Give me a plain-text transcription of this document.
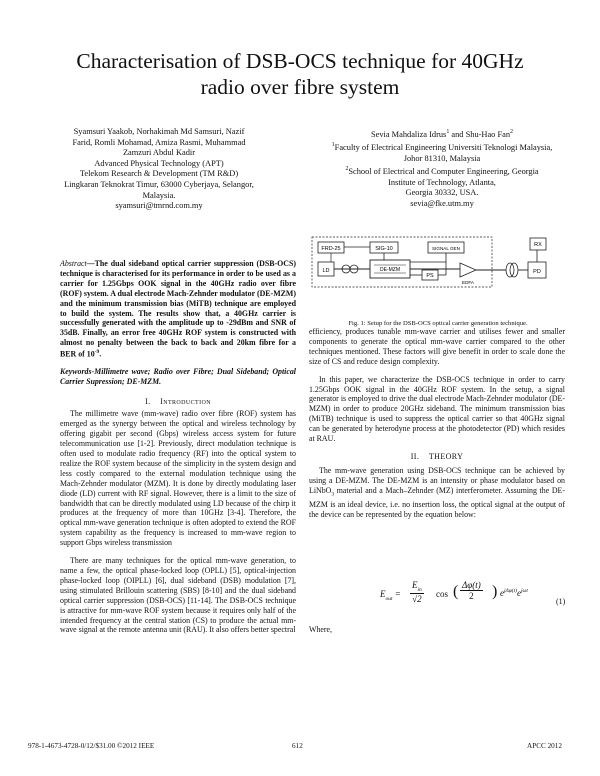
Characterisation of DSB-OCS technique for 40GHz
radio over fibre system
Syamsuri Yaakob, Norhakimah Md Samsuri, Nazif
Farid, Romli Mohamad, Amiza Rasmi, Muhammad
Zamzuri Abdul Kadir
Advanced Physical Technology (APT)
Telekom Research & Development (TM R&D)
Lingkaran Teknokrat Timur, 63000 Cyberjaya, Selangor,
Malaysia.
syamsuri@tmrnd.com.my
Sevia Mahdaliza Idrus$^1$ and Shu-Hao Fan$^2$
$^1$Faculty of Electrical Engineering Universiti Teknologi Malaysia,
Johor 81310, Malaysia
$^2$School of Electrical and Computer Engineering, Georgia
Institute of Technology, Atlanta,
Georgia 30332, USA.
sevia@fke.utm.my

Abstract—The dual sideband optical carrier suppression (DSB-OCS) technique is characterised for its performance in order to be used as a carrier for 1.25Gbps OOK signal in the 40GHz radio over fibre (ROF) system. A dual electrode Mach-Zehnder modulator (DE-MZM) and the minimum transmission bias (MiTB) technique are employed to build the system. The results show that, a 40GHz carrier is successfully generated with the amplitude up to -29dBm and SNR of 35dB. Finally, an error free 40GHz ROF system is constructed with almost no penalty between the back to back and 20km fibre for a BER of $10^{-9}$.

Keywords-Millimetre wave; Radio over Fibre; Dual Sideband; Optical Carrier Supression; DE-MZM.

I. Introduction

The millimetre wave (mm-wave) radio over fibre (ROF) system has emerged as the synergy between the optical and wireless technology by offering gigabit per second (Gbps) wireless access system for future telecommunication use [1-2]. Previously, direct modulation technique is often used to modulate radio frequency (RF) into the optical system to realize the ROF system because of the simplicity in the system design and less costly compared to the external modulation technique using the Mach-Zehnder modulator (MZM). It is done by directly modulating laser diode (LD) current with RF signal. However, there is a limit to the size of bandwidth that can be directly modulated using LD because of the chirp it produces at the frequency of more than 10GHz [3-4]. Therefore, the optical mm-wave generation technique is often adopted to extend the ROF system capability as the frequency is increased to mm-wave region to support Gbps wireless transmission

There are many techniques for the optical mm-wave generation, to name a few, the optical phase-locked loop (OPLL) [5], optical-injection phase-locked loop (OIPLL) [6], dual sideband (DSB) modulation [7], using stimulated Brillouin scattering (SBS) [8-10] and the dual sideband optical carrier suppression (DSB-OCS) [11-14]. The DSB-OCS technique is attractive for mm-wave ROF system because it requires only half of the intended frequency at the central station (CS) to produce the actual mm-wave signal at the remote antenna unit (RAU). It also offers better spectral

FRD-25	SIG-10	SIGNAL GEN
LD	DE-MZM
PS
EDFA
PD
RX
Fig. 1: Setup for the DSB-OCS optical carrier generation technique.

efficiency, produces tunable mm-wave carrier and utilises fewer and smaller components to generate the optical mm-wave carrier compared to the other techniques mentioned. These factors will give benefit in order to scale done the size of CS and reduce design complexity.

In this paper, we characterize the DSB-OCS technique in order to carry 1.25Gbps OOK signal in the 40GHz ROF system. In the setup, a signal generator is employed to drive the dual electrode Mach-Zehnder modulator (DE-MZM) in order to produce 20GHz sideband. The minimum transmission bias (MiTB) technique is used to suppress the optical carrier so that 40GHz signal can be generated by heterodyne process at the photodetector (PD) which resides at RAU.

II. THEORY

The mm-wave generation using DSB-OCS technique can be achieved by using a DE-MZM. The DE-MZM is an intensity or phase modulator based on LiNbO$_3$ material and a Mach–Zehnder (MZ) interferometer. Assuming the DE-MZM is an ideal device, i.e. no insertion loss, the optical signal at the output of the device can be represented by the equation below:

$E_{out}$ =
$E_{in}$
√2 cos ( Δφ(t)
2	) $e^{j\Delta\varphi(t)}e^{j\omega t}$
(1)
Where,
978-1-4673-4728-0/12/$31.00 ©2012 IEEE	612	APCC 2012
